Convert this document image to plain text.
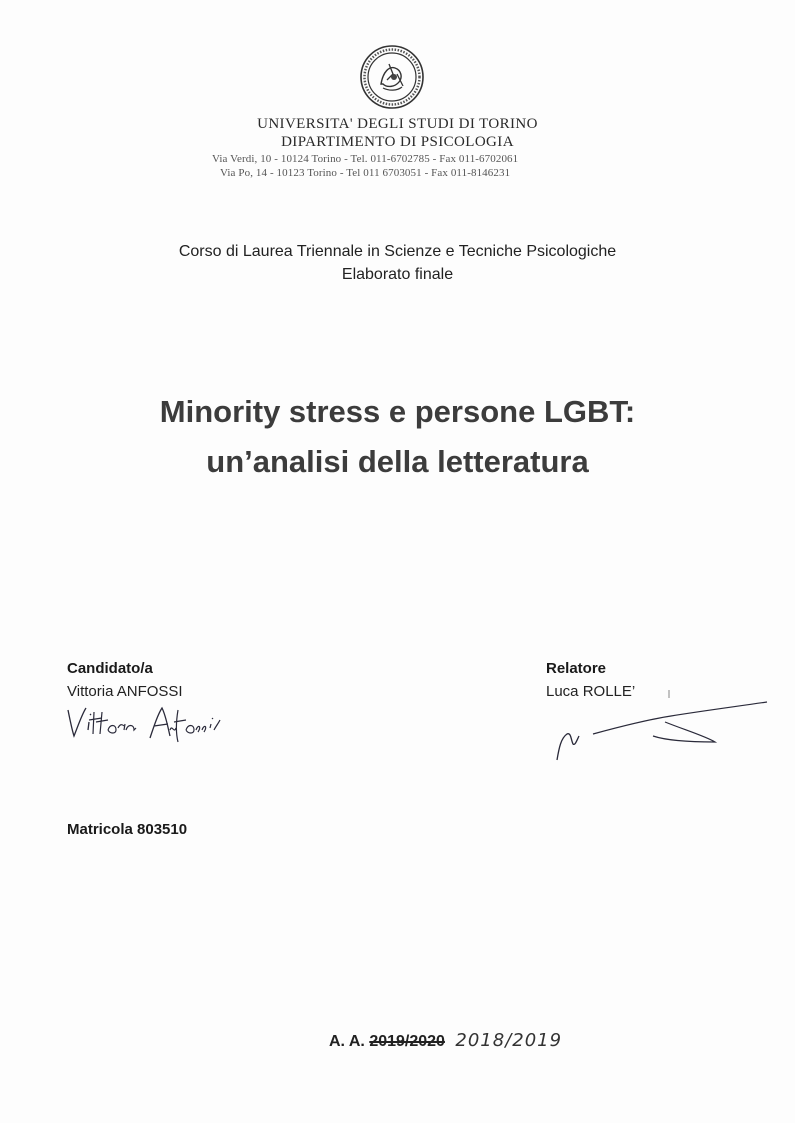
UNIVERSITA' DEGLI STUDI DI TORINO
DIPARTIMENTO DI PSICOLOGIA
Via Verdi, 10 - 10124 Torino - Tel. 011-6702785 - Fax 011-6702061
Via Po, 14 - 10123 Torino - Tel 011 6703051 - Fax 011-8146231
Corso di Laurea Triennale in Scienze e Tecniche Psicologiche
Elaborato finale
Minority stress e persone LGBT:
un’analisi della letteratura
Candidato/a
Vittoria ANFOSSI
Relatore
Luca ROLLE’
Matricola 803510
A. A. 2019/2020 2018/2019
